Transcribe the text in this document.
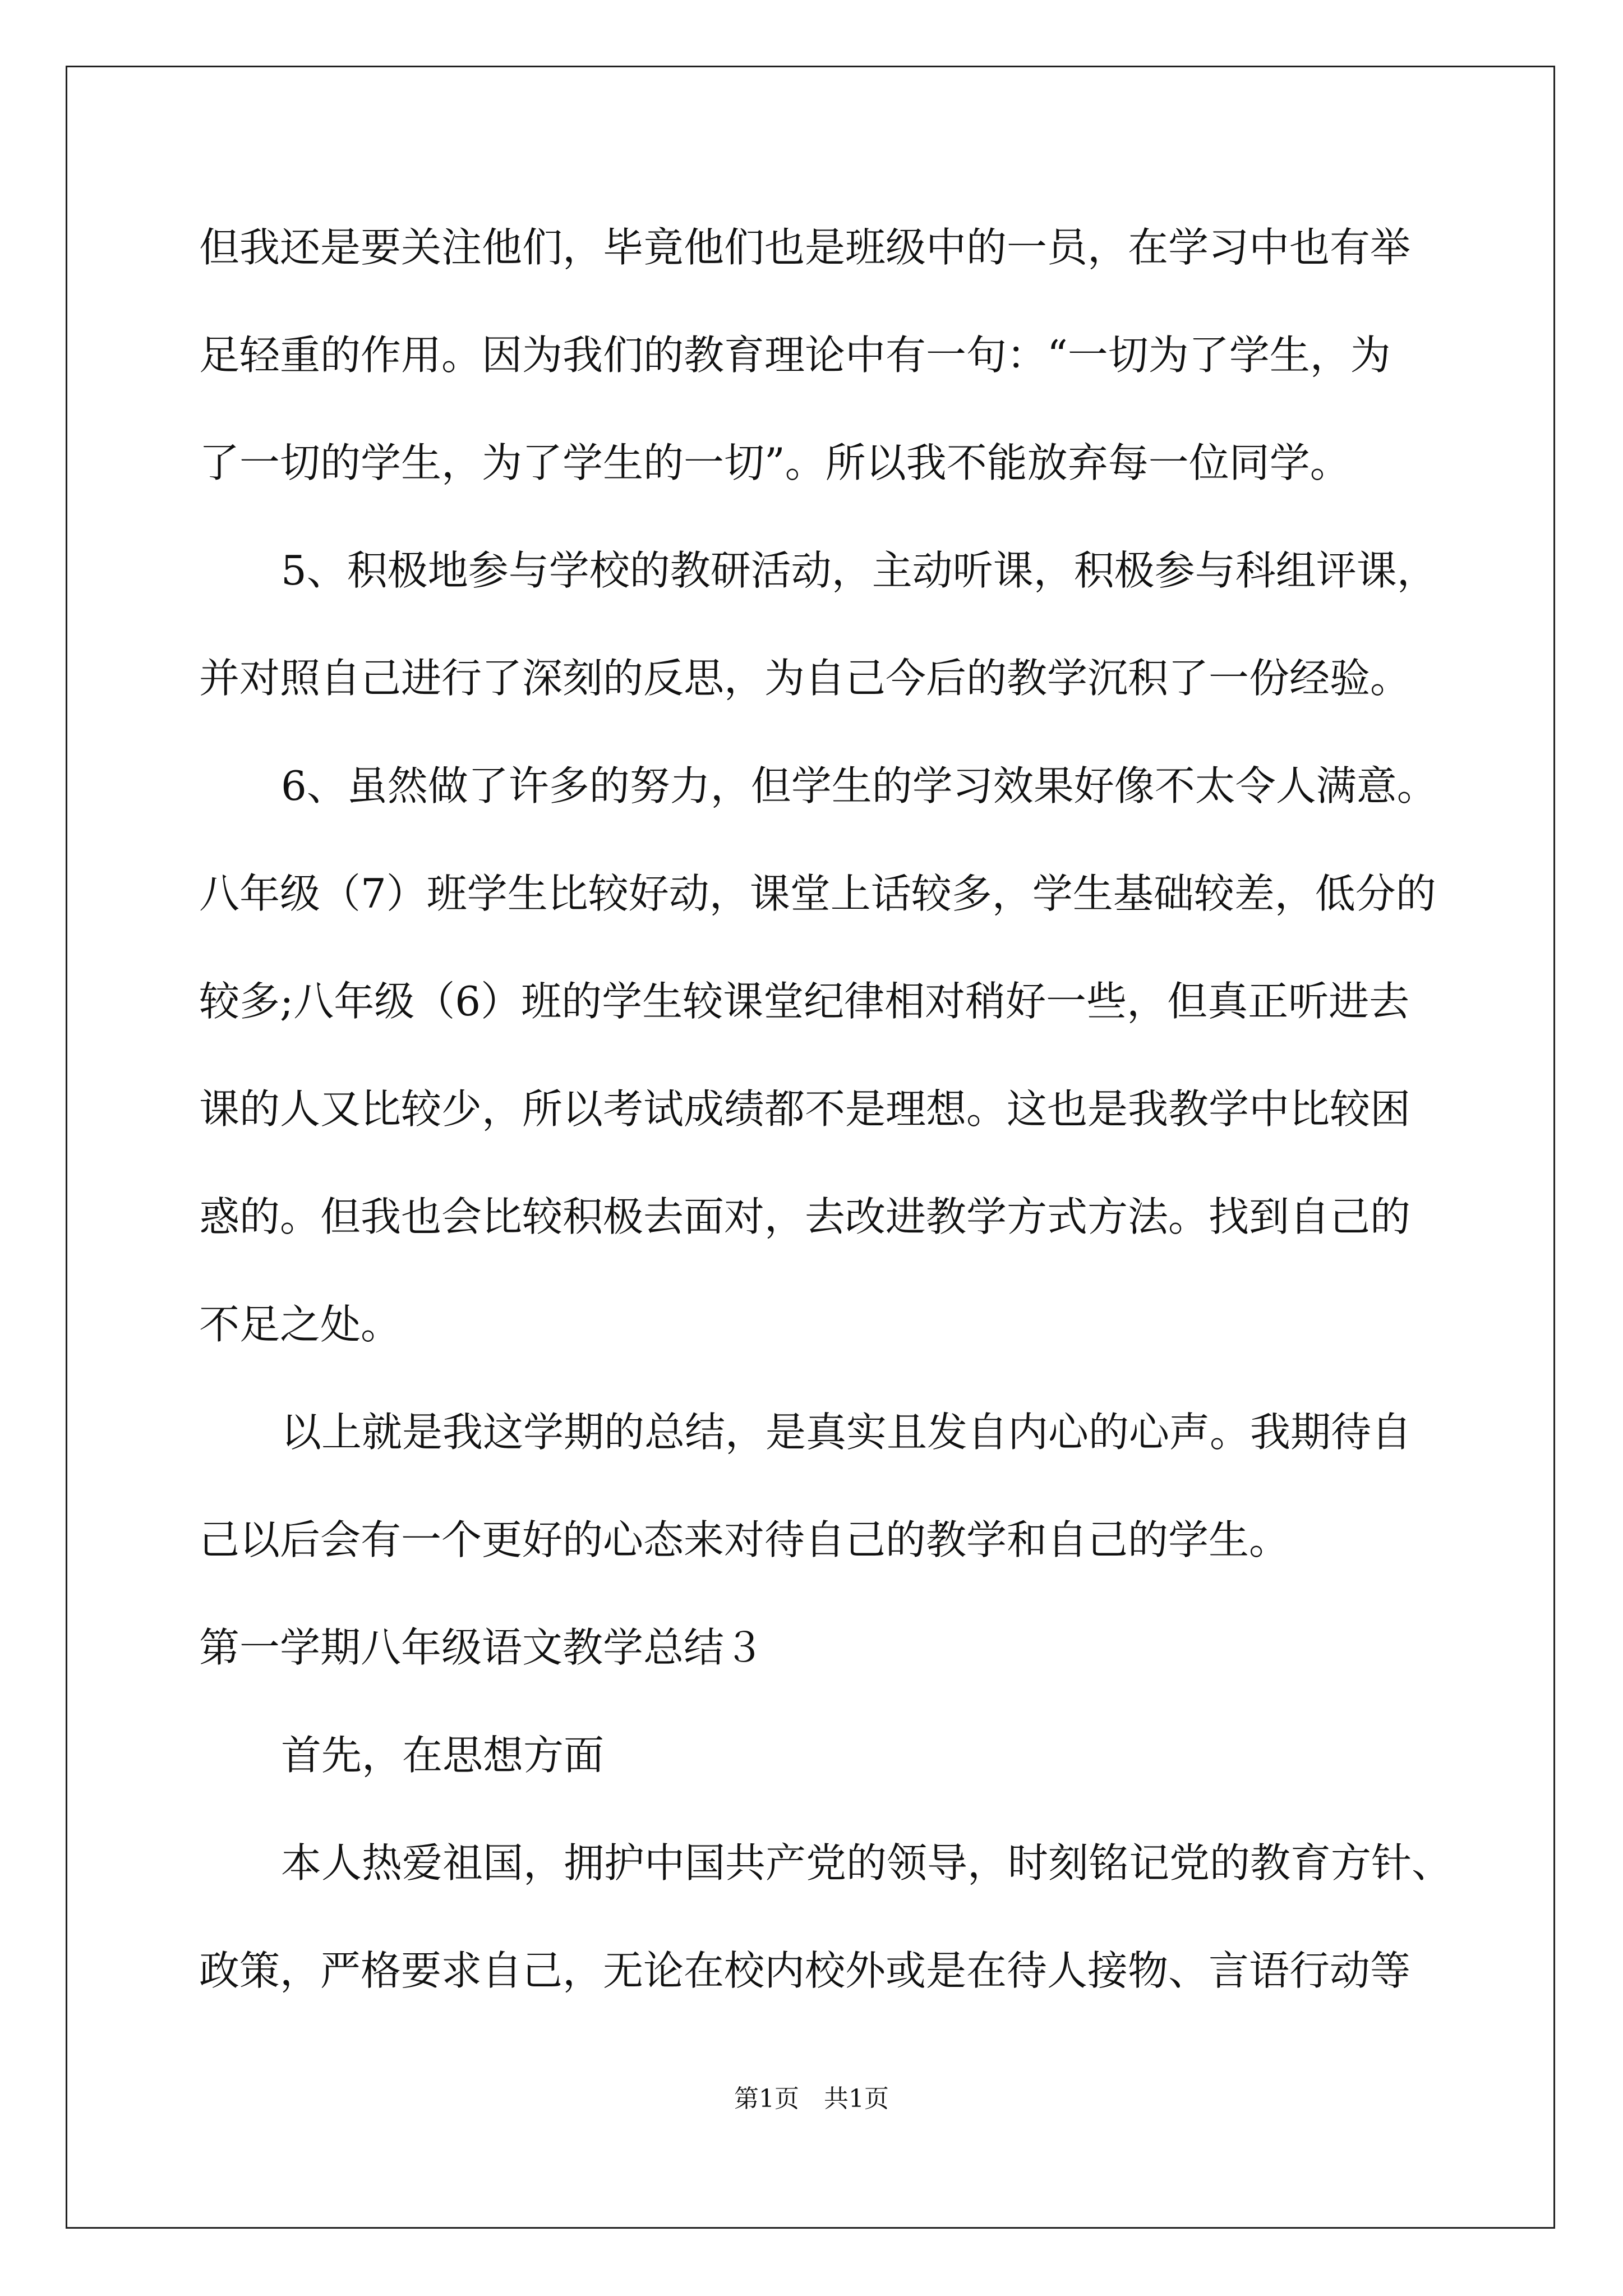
但我还是要关注他们，毕竟他们也是班级中的一员，在学习中也有举
足轻重的作用。因为我们的教育理论中有一句：“一切为了学生，为
了一切的学生，为了学生的一切”。所以我不能放弃每一位同学。
5、积极地参与学校的教研活动，主动听课，积极参与科组评课，
并对照自己进行了深刻的反思，为自己今后的教学沉积了一份经验。
6、虽然做了许多的努力，但学生的学习效果好像不太令人满意。
八年级（7）班学生比较好动，课堂上话较多，学生基础较差，低分的
较多;八年级（6）班的学生较课堂纪律相对稍好一些，但真正听进去
课的人又比较少，所以考试成绩都不是理想。这也是我教学中比较困
惑的。但我也会比较积极去面对，去改进教学方式方法。找到自己的
不足之处。
以上就是我这学期的总结，是真实且发自内心的心声。我期待自
己以后会有一个更好的心态来对待自己的教学和自己的学生。
第一学期八年级语文教学总结３
首先，在思想方面
本人热爱祖国，拥护中国共产党的领导，时刻铭记党的教育方针、
政策，严格要求自己，无论在校内校外或是在待人接物、言语行动等
第1页　共1页
